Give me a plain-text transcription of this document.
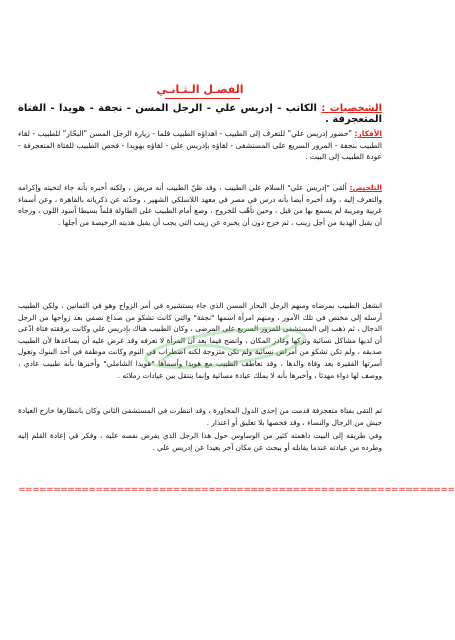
الفصـل الـثـانـي
الشخصيات : الكاتب - إدريس علي - الرجل المسن - نجفة - هويدا - الفتاة المتعجرفة .
الأفكار: "حضور إدريس علي" للتعرف إلى الطبيب - اهداؤه الطبيب قلما - زيارة الرجل المسن "البحّار" للطبيب - لقاء الطبيب بنجفة - المرور السريع على المستشفى - لقاؤه بإدريس علي - لقاؤه بهويدا - فحص الطبيب للفتاة المتعجرفة - عودة الطبيب إلى البيت .
التلخيص: ألقى "إدريس علي" السلام على الطبيب ، وقد ظنّ الطبيب أنه مريض ، ولكنه أخبره بأنه جاء لتحيته وإكرامه والتعرف إليه ، وقد أخبره أيضا بأنه درس في مصر في معهد اللاسلكي الشهير ، وحدّثه عن ذكرياته بالقاهرة ، وعن أسماء غريبة ومريبة لم يسمع بها من قبل ، وحين تأهّب للخروج ، وضع أمام الطبيب على الطاولة قلماً بسيطا أسود اللون ، ورجاه أن يقبل الهدية من أجل زينب ، ثم خرج دون أن يخبره عن زينب التي يجب أن يقبل هديته الرخيصة من أجلها .
انشغل الطبيب بمرضاه ومنهم الرجل البحار المسن الذي جاء يستشيره في أمر الزواج وهو في الثمانين ، ولكن الطبيب أرسله إلى مختص في تلك الأمور ، ومنهم امرأة اسمها "نجفة" والتي كانت تشكو من صداع نصفي بعد زواجها من الرجل الدجال ، ثم ذهب إلى المستشفى للمرور السريع على المرضى ، وكان الطبيب هناك بإدريس علي وكانت برفقته فتاة ادّعى أن لديها مشاكل نسائية وتركها وغادر المكان ، واتضح فيما بعد أن المرأة لا تعرفه وقد عرض عليه أن يساعدها لأن الطبيب صديقه ، ولم تكن تشكو من أمراض نسائية ولم تكن متزوجة لكنه اضطراب في النوم وكانت موظفة في أحد البنوك وتعول أسرتها الفقيرة بعد وفاة والدها ، وقد تعاطف الطبيب مع هويدا وأسماها "هويدا الشاملي" وأخبرها بأنه طبيب عادي ، ووصف لها دواء مهدئا ، وأخبرها بأنه لا يملك عيادة مسائية وإنما ينتقل بين عيادات زملائه .
ثم التقى بفتاة متعجرفة قدمت من إحدى الدول المجاورة ، وقد انتظرت في المستشفى الثاني وكان بانتظارها خارج العيادة جيش من الرجال والنساء ، وقد فحصها بلا تعليق أو اعتذار .
وفي طريقه إلى البيت داهمته كثير من الوساوس حول هذا الرجل الذي يفرض نفسه عليه ، وفكر في إعادة القلم إليه وطرده من عيادته عندما يقابله أو يبحث عن مكان آخر بعيدا عن إدريس علي .
==============================================================
